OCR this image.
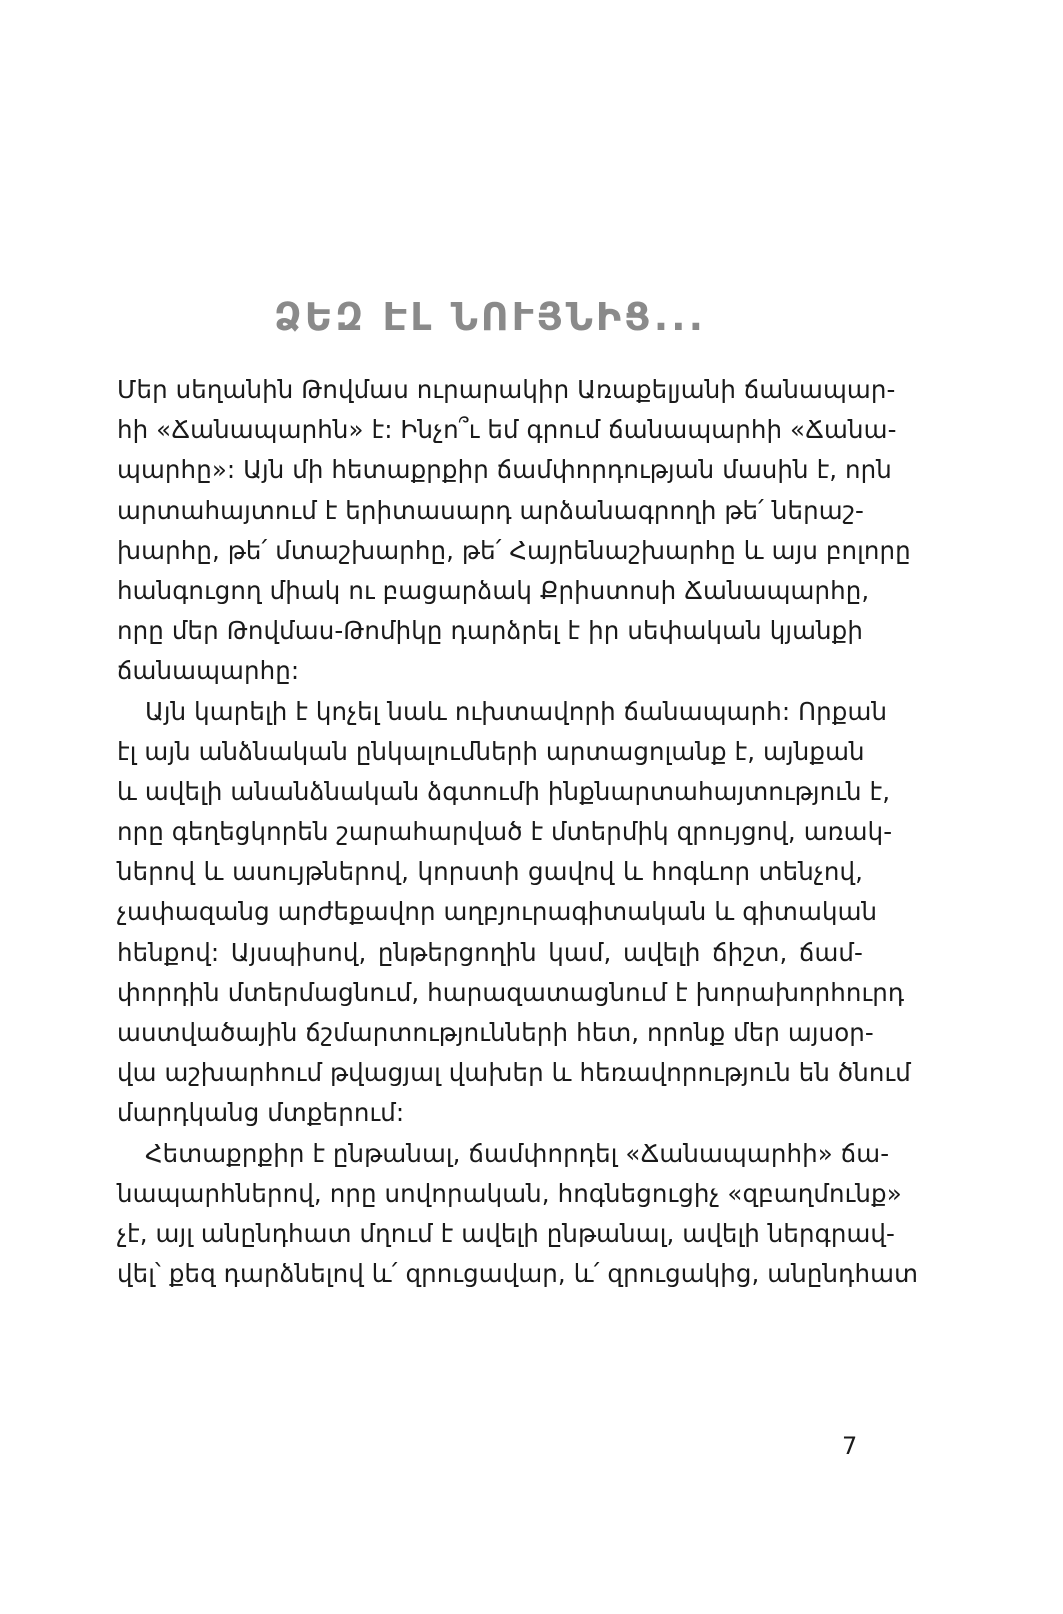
ՁԵԶ ԷԼ ՆՈՒՅՆԻՑ...
Մեր սեղանին Թովմաս ուրարակիր Առաքելյանի ճանապար-
հի «Ճանապարհն» է: Ինչո՞ւ եմ գրում ճանապարհի «Ճանա-
պարհը»: Այն մի հետաքրքիր ճամփորդության մասին է, որն
արտահայտում է երիտասարդ արձանագրողի թե՛ ներաշ-
խարհը, թե՛ մտաշխարհը, թե՛ Հայրենաշխարհը և այս բոլորը
հանգուցող միակ ու բացարձակ Քրիստոսի Ճանապարհը,
որը մեր Թովմաս-Թոմիկը դարձրել է իր սեփական կյանքի
ճանապարհը:
Այն կարելի է կոչել նաև ուխտավորի ճանապարհ: Որքան
էլ այն անձնական ընկալումների արտացոլանք է, այնքան
և ավելի անանձնական ձգտումի ինքնարտահայտություն է,
որը գեղեցկորեն շարահարված է մտերմիկ զրույցով, առակ-
ներով և ասույթներով, կորստի ցավով և հոգևոր տենչով,
չափազանց արժեքավոր աղբյուրագիտական և գիտական
հենքով: Այսպիսով, ընթերցողին կամ, ավելի ճիշտ, ճամ-
փորդին մտերմացնում, հարազատացնում է խորախորհուրդ
աստվածային ճշմարտությունների հետ, որոնք մեր այսօր-
վա աշխարհում թվացյալ վախեր և հեռավորություն են ծնում
մարդկանց մտքերում:
Հետաքրքիր է ընթանալ, ճամփորդել «Ճանապարհի» ճա-
նապարհներով, որը սովորական, հոգնեցուցիչ «զբաղմունք»
չէ, այլ անընդհատ մղում է ավելի ընթանալ, ավելի ներգրավ-
վել՝ քեզ դարձնելով և՛ զրուցավար, և՛ զրուցակից, անընդհատ
7
